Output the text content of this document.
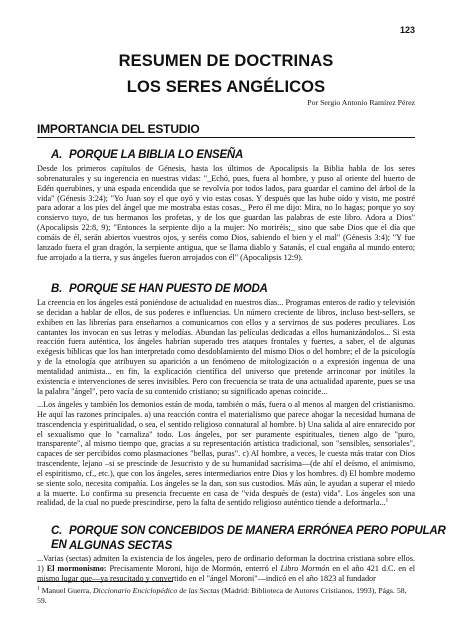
123
RESUMEN DE DOCTRINAS
LOS SERES ANGÉLICOS
Por Sergio Antonio Ramírez Pérez
IMPORTANCIA DEL ESTUDIO
A. PORQUE LA BIBLIA LO ENSEÑA

Desde los primeros capítulos de Génesis, hasta los últimos de Apocalipsis la Biblia habla de los seres sobrenaturales y su ingerencia en nuestras vidas: "_Echó, pues, fuera al hombre, y puso al oriente del huerto de Edén querubines, y una espada encendida que se revolvía por todos lados, para guardar el camino del árbol de la vida" (Génesis 3:24); "Yo Juan soy el que oyó y vio estas cosas. Y después que las hube oído y visto, me postré para adorar a los pies del ángel que me mostraba estas cosas._ Pero él me dijo: Mira, no lo hagas; porque yo soy consiervo tuyo, de tus hermanos los profetas, y de los que guardan las palabras de este libro. Adora a Dios" (Apocalipsis 22:8, 9); "Entonces la serpiente dijo a la mujer: No moriréis;_ sino que sabe Dios que el día que comáis de él, serán abiertos vuestros ojos, y seréis como Dios, sabiendo el bien y el mal" (Génesis 3:4); "Y fue lanzado fuera el gran dragón, la serpiente antigua, que se llama diablo y Satanás, el cual engaña al mundo entero; fue arrojado a la tierra, y sus ángeles fueron arrojados con él" (Apocalipsis 12:9).

B. PORQUE SE HAN PUESTO DE MODA

La creencia en los ángeles está poniéndose de actualidad en nuestros días... Programas enteros de radio y televisión se decidan a hablar de ellos, de sus poderes e influencias. Un número creciente de libros, incluso best-sellers, se exhiben en las librerías para enseñarnos a comunicarnos con ellos y a servirnos de sus poderes peculiares. Los cantantes los invocan en sus letras y melodías. Abundan las películas dedicadas a ellos humanizándolos... Si esta reacción fuera auténtica, los ángeles habrían superado tres ataques frontales y fuertes, a saber, el de algunas exégesis bíblicas que los han interpretado como desdoblamiento del mismo Dios o del hombre; el de la psicología y de la etnología que atribuyen su aparición a un fenómeno de mitologización o a expresión ingenua de una mentalidad animista... en fin, la explicación científica del universo que pretende arrinconar por inútiles la existencia e intervenciones de seres invisibles. Pero con frecuencia se trata de una actualidad aparente, pues se usa la palabra "ángel", pero vacía de su contenido cristiano; su significado apenas coincide...

...Los ángeles y también los demonios están de moda, también o más, fuera o al menos al margen del cristianismo. He aquí las razones principales. a) una reacción contra el materialismo que parece ahogar la necesidad humana de trascendencia y espiritualidad, o sea, el sentido religioso connatural al hombre. b) Una salida al aire enrarecido por el sexualismo que lo "carnaliza" todo. Los ángeles, por ser puramente espirituales, tienen algo de "puro, transparente", al mismo tiempo que, gracias a su representación artística tradicional, son "sensibles, sensoriales", capaces de ser percibidos como plasmaciones "bellas, puras". c) Al hombre, a veces, le cuesta más tratar con Dios trascendente, lejano –si se prescinde de Jesucristo y de su humanidad sacrísima—(de ahí el deísmo, el animismo, el espiritismo, cf., etc.), que con los ángeles, seres intermediarios entre Dios y los hombres. d) El hombre moderno se siente solo, necesita compañía. Los ángeles se la dan, son sus custodios. Más aún, le ayudan a superar el miedo a la muerte. Lo confirma su presencia frecuente en casa de "vida después de (esta) vida". Los ángeles son una realidad, de la cual no puede prescindirse, pero la falta de sentido religioso auténtico tiende a deformarla...$^1$

C. PORQUE SON CONCEBIDOS DE MANERA ERRÓNEA PERO POPULAR EN ALGUNAS SECTAS

...Varias (sectas) admiten la existencia de los ángeles, pero de ordinario deforman la doctrina cristiana sobre ellos. 1) El mormonismo: Precisamente Moroni, hijo de Mormón, enterró el Libro Mormón en el año 421 d.C. en el mismo lugar que—ya resucitado y convertido en el "ángel Moroni"—indicó en el año 1823 al fundador

$^1$ Manuel Guerra, Diccionario Enciclopédico de las Sectas (Madrid: Biblioteca de Autores Cristianos, 1993), Págs. 58, 59.
